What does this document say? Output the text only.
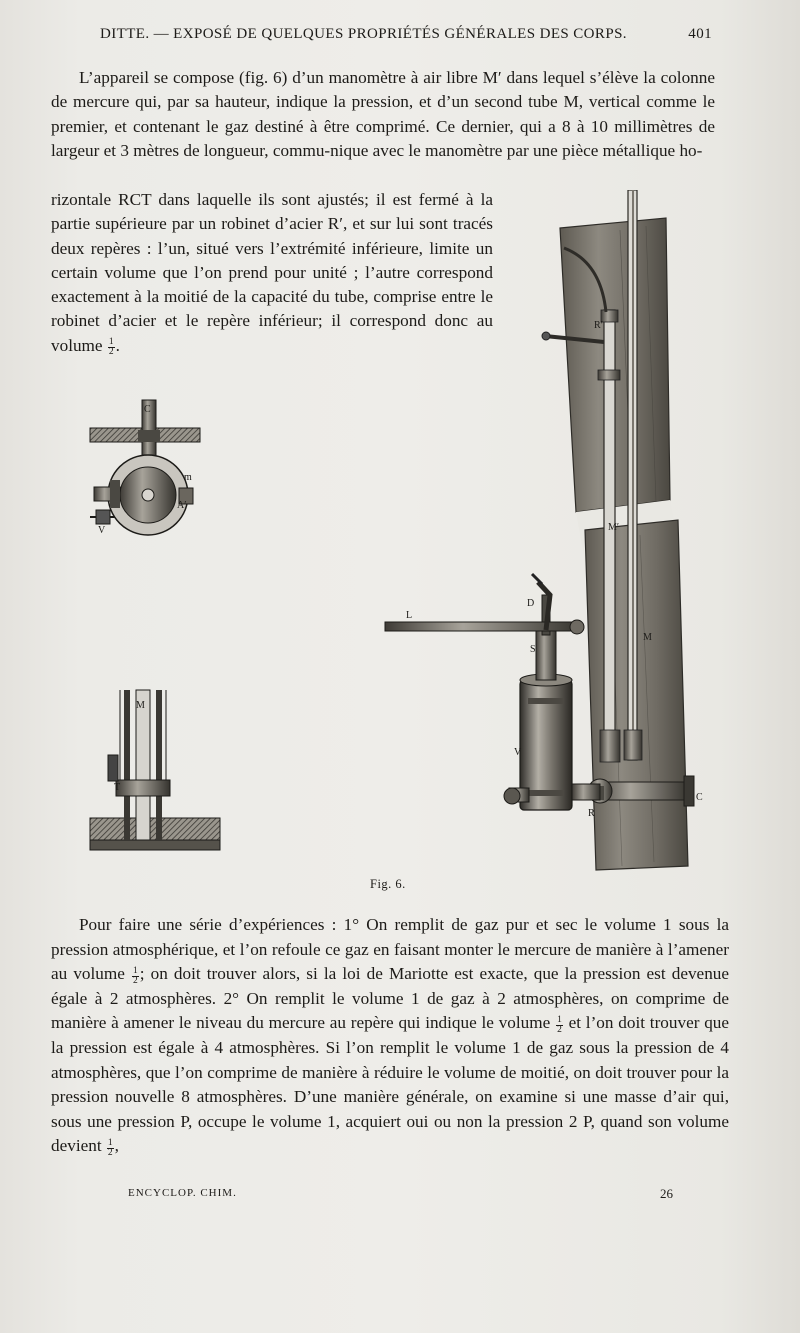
DITTE. — EXPOSÉ DE QUELQUES PROPRIÉTÉS GÉNÉRALES DES CORPS.	401

L’appareil se compose (fig. 6) d’un manomètre à air libre M′ dans lequel s’élève la colonne de mercure qui, par sa hauteur, indique la pression, et d’un second tube M, vertical comme le premier, et contenant le gaz destiné à être comprimé. Ce dernier, qui a 8 à 10 millimètres de largeur et 3 mètres de longueur, commu-nique avec le manomètre par une pièce métallique ho-

rizontale RCT dans laquelle ils sont ajustés; il est fermé à la partie supérieure par un robinet d’acier R′, et sur lui sont tracés deux repères : l’un, situé vers l’extrémité inférieure, limite un certain volume que l’on prend pour unité ; l’autre correspond exactement à la moitié de la capacité du tube, comprise entre le robinet d’acier et le repère inférieur; il correspond donc au volume $\frac{1}{2}$ .

R′
C
m
A′
V
M
T
L
D
S
V
C
R
M′
M
Fig. 6.

Pour faire une série d’expériences : 1° On remplit de gaz pur et sec le volume 1 sous la pression atmosphérique, et l’on refoule ce gaz en faisant monter le mercure de manière à l’amener au volume $\frac{1}{2}$ ; on doit trouver alors, si la loi de Mariotte est exacte, que la pression est devenue égale à 2 atmosphères. 2° On remplit le volume 1 de gaz à 2 atmosphères, on comprime de manière à amener le niveau du mercure au repère qui indique le volume $\frac{1}{2}$ et l’on doit trouver que la pression est égale à 4 atmosphères. Si l’on remplit le volume 1 de gaz sous la pression de 4 atmosphères, que l’on comprime de manière à réduire le volume de moitié, on doit trouver pour la pression nouvelle 8 atmosphères. D’une manière générale, on examine si une masse d’air qui, sous une pression P, occupe le volume 1, acquiert oui ou non la pression 2 P, quand son volume devient $\frac{1}{2}$ ,

ENCYCLOP. CHIM.	26
